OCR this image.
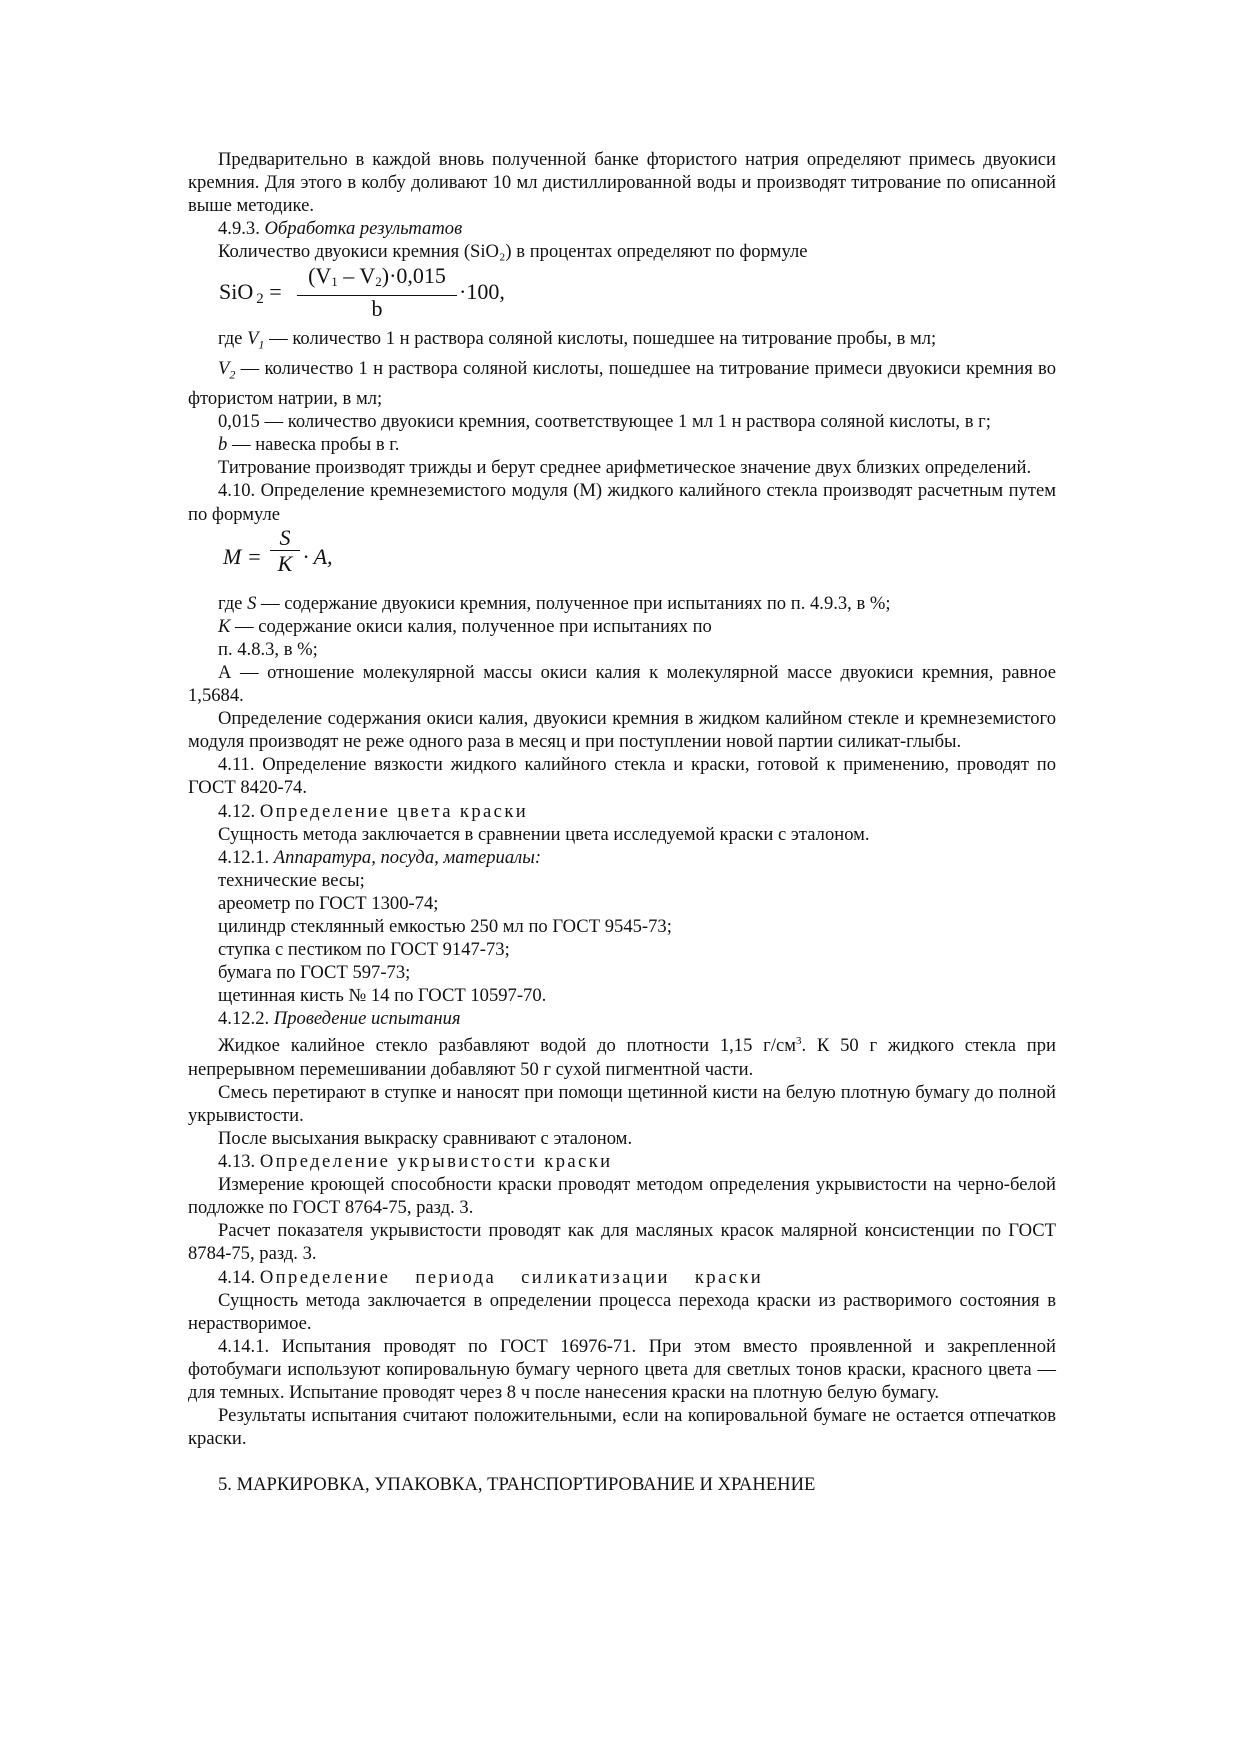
Предварительно в каждой вновь полученной банке фтористого натрия определяют примесь двуокиси кремния. Для этого в колбу доливают 10 мл дистиллированной воды и производят титрование по описанной выше методике.

4.9.3. Обработка результатов

Количество двуокиси кремния (SiO₂) в процентах определяют по формуле

SiO $_2 = \frac{(V_1 - V_2)\cdot 0,015}{b} \cdot 100$,

где $V_1$ — количество 1 н раствора соляной кислоты, пошедшее на титрование пробы, в мл;

$V_2$ — количество 1 н раствора соляной кислоты, пошедшее на титрование примеси двуокиси кремния во фтористом натрии, в мл;

0,015 — количество двуокиси кремния, соответствующее 1 мл 1 н раствора соляной кислоты, в г;

b — навеска пробы в г.

Титрование производят трижды и берут среднее арифметическое значение двух близких определений.

4.10. Определение кремнеземистого модуля (М) жидкого калийного стекла производят расчетным путем по формуле

$M = \frac{S}{K} \cdot A$,

где S — содержание двуокиси кремния, полученное при испытаниях по п. 4.9.3, в %;

K — содержание окиси калия, полученное при испытаниях по

п. 4.8.3, в %;

А — отношение молекулярной массы окиси калия к молекулярной массе двуокиси кремния, равное 1,5684.

Определение содержания окиси калия, двуокиси кремния в жидком калийном стекле и кремнеземистого модуля производят не реже одного раза в месяц и при поступлении новой партии силикат-глыбы.

4.11. Определение вязкости жидкого калийного стекла и краски, готовой к применению, проводят по ГОСТ 8420-74.

4.12. Определение цвета краски

Сущность метода заключается в сравнении цвета исследуемой краски с эталоном.

4.12.1. Аппаратура, посуда, материалы:

технические весы;

ареометр по ГОСТ 1300-74;

цилиндр стеклянный емкостью 250 мл по ГОСТ 9545-73;

ступка с пестиком по ГОСТ 9147-73;

бумага по ГОСТ 597-73;

щетинная кисть № 14 по ГОСТ 10597-70.

4.12.2. Проведение испытания

Жидкое калийное стекло разбавляют водой до плотности 1,15 $г/см^3$. К 50 г жидкого стекла при непрерывном перемешивании добавляют 50 г сухой пигментной части.

Смесь перетирают в ступке и наносят при помощи щетинной кисти на белую плотную бумагу до полной укрывистости.

После высыхания выкраску сравнивают с эталоном.

4.13. Определение укрывистости краски

Измерение кроющей способности краски проводят методом определения укрывистости на черно-белой подложке по ГОСТ 8764-75, разд. 3.

Расчет показателя укрывистости проводят как для масляных красок малярной консистенции по ГОСТ 8784-75, разд. 3.

4.14. Определение периода силикатизации краски

Сущность метода заключается в определении процесса перехода краски из растворимого состояния в нерастворимое.

4.14.1. Испытания проводят по ГОСТ 16976-71. При этом вместо проявленной и закрепленной фотобумаги используют копировальную бумагу черного цвета для светлых тонов краски, красного цвета — для темных. Испытание проводят через 8 ч после нанесения краски на плотную белую бумагу.

Результаты испытания считают положительными, если на копировальной бумаге не остается отпечатков краски.

5. МАРКИРОВКА, УПАКОВКА, ТРАНСПОРТИРОВАНИЕ И ХРАНЕНИЕ
